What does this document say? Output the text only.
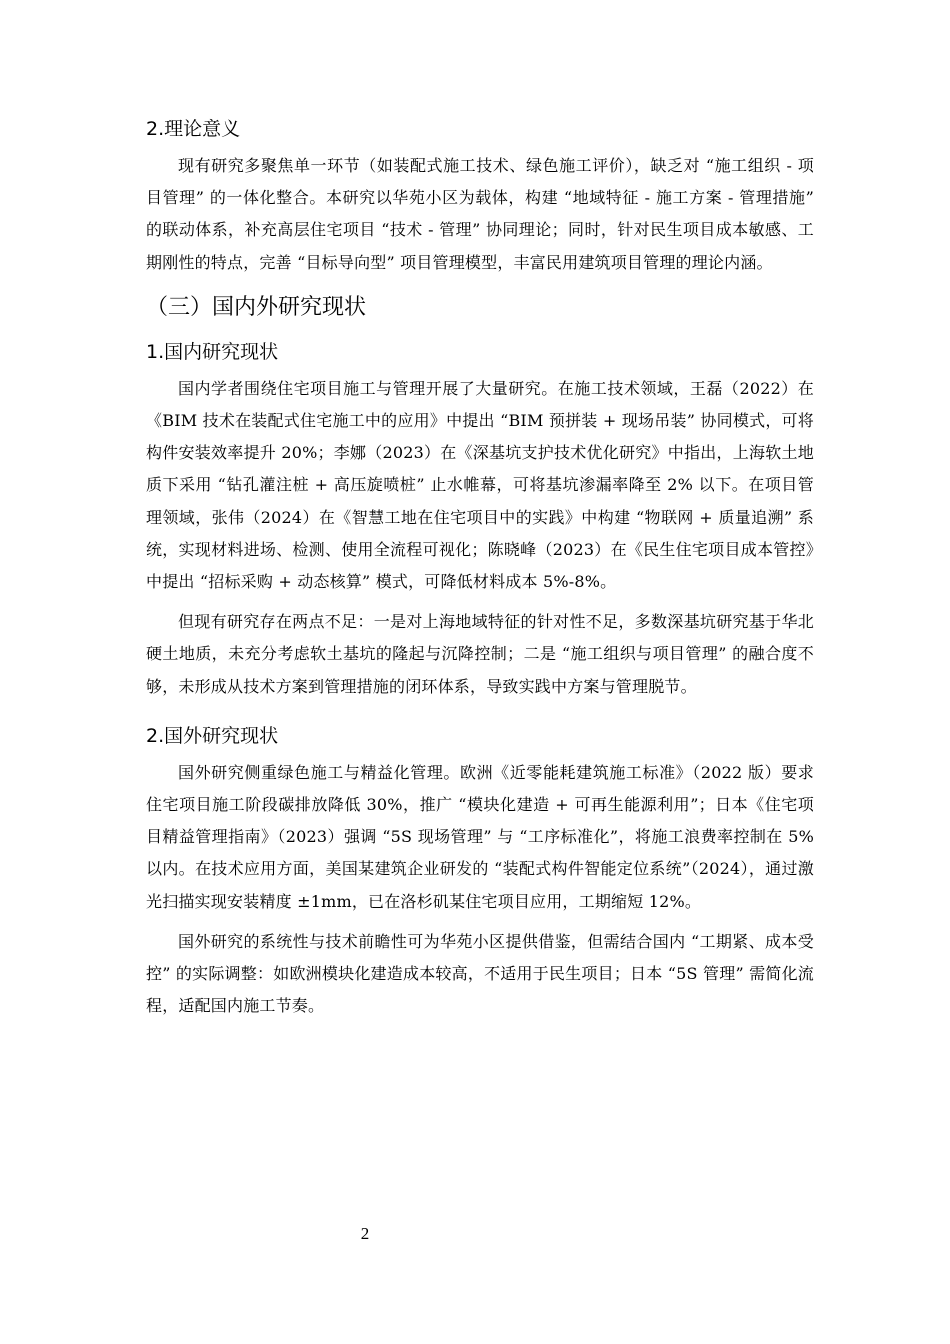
2.理论意义

现有研究多聚焦单一环节（如装配式施工技术、绿色施工评价），缺乏对 “施工组织 - 项目管理” 的一体化整合。本研究以华苑小区为载体，构建 “地域特征 - 施工方案 - 管理措施” 的联动体系，补充高层住宅项目 “技术 - 管理” 协同理论；同时，针对民生项目成本敏感、工期刚性的特点，完善 “目标导向型” 项目管理模型，丰富民用建筑项目管理的理论内涵。

（三）国内外研究现状
1.国内研究现状

国内学者围绕住宅项目施工与管理开展了大量研究。在施工技术领域，王磊（2022）在《BIM 技术在装配式住宅施工中的应用》中提出 “BIM 预拼装 + 现场吊装” 协同模式，可将构件安装效率提升 20%；李娜（2023）在《深基坑支护技术优化研究》中指出，上海软土地质下采用 “钻孔灌注桩 + 高压旋喷桩” 止水帷幕，可将基坑渗漏率降至 2% 以下。在项目管理领域，张伟（2024）在《智慧工地在住宅项目中的实践》中构建 “物联网 + 质量追溯” 系统，实现材料进场、检测、使用全流程可视化；陈晓峰（2023）在《民生住宅项目成本管控》中提出 “招标采购 + 动态核算” 模式，可降低材料成本 5%-8%。

但现有研究存在两点不足：一是对上海地域特征的针对性不足，多数深基坑研究基于华北硬土地质，未充分考虑软土基坑的隆起与沉降控制；二是 “施工组织与项目管理” 的融合度不够，未形成从技术方案到管理措施的闭环体系，导致实践中方案与管理脱节。

2.国外研究现状

国外研究侧重绿色施工与精益化管理。欧洲《近零能耗建筑施工标准》（2022 版）要求住宅项目施工阶段碳排放降低 30%，推广 “模块化建造 + 可再生能源利用”；日本《住宅项目精益管理指南》（2023）强调 “5S 现场管理” 与 “工序标准化”，将施工浪费率控制在 5% 以内。在技术应用方面，美国某建筑企业研发的 “装配式构件智能定位系统”（2024），通过激光扫描实现安装精度 ±1mm，已在洛杉矶某住宅项目应用，工期缩短 12%。

国外研究的系统性与技术前瞻性可为华苑小区提供借鉴，但需结合国内 “工期紧、成本受控” 的实际调整：如欧洲模块化建造成本较高，不适用于民生项目；日本 “5S 管理” 需简化流程，适配国内施工节奏。

2
